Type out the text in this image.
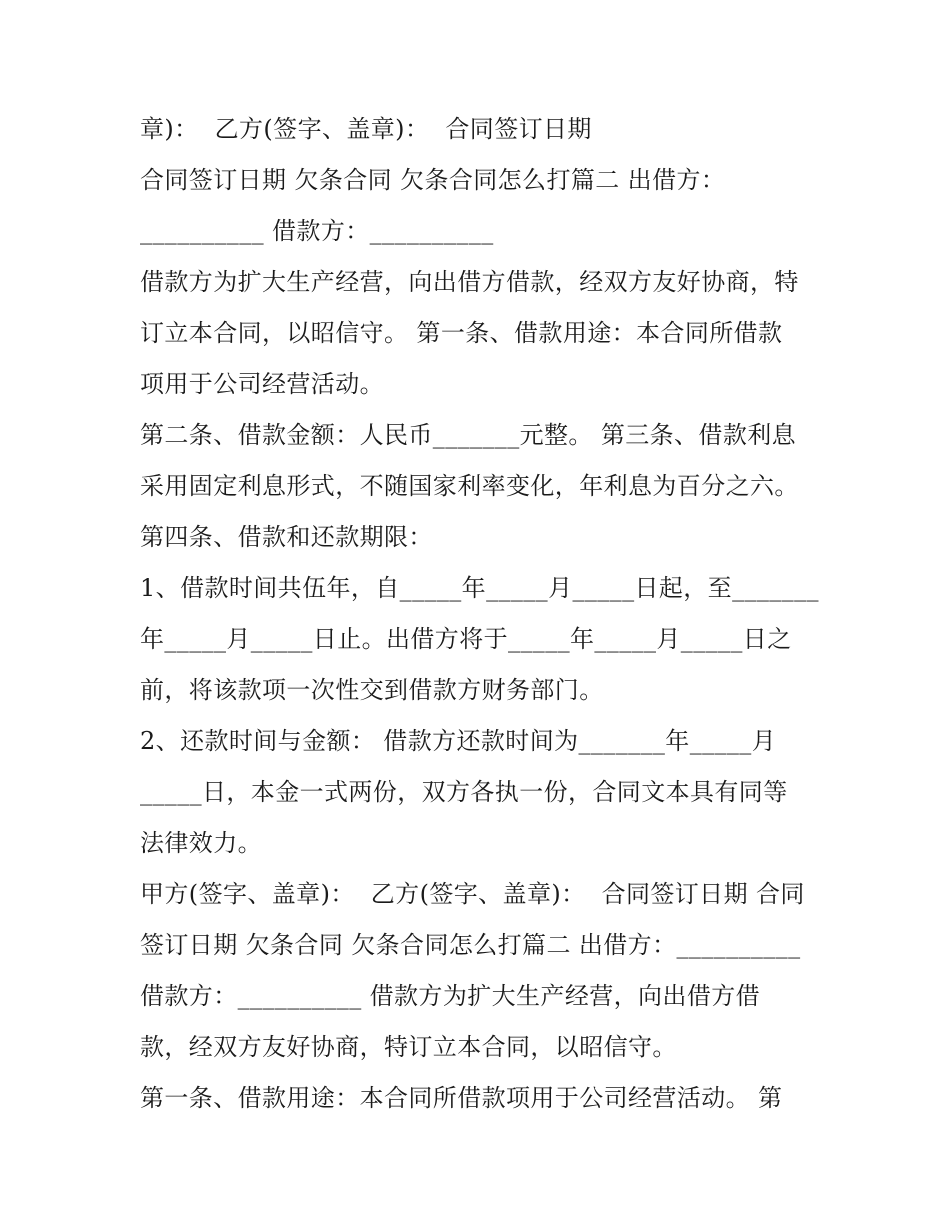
章)：  乙方(签字、盖章)：  合同签订日期
合同签订日期 欠条合同 欠条合同怎么打篇二 出借方：
__________ 借款方：__________
借款方为扩大生产经营，向出借方借款，经双方友好协商，特
订立本合同，以昭信守。 第一条、借款用途：本合同所借款
项用于公司经营活动。
第二条、借款金额：人民币_______元整。 第三条、借款利息
采用固定利息形式，不随国家利率变化，年利息为百分之六。
第四条、借款和还款期限：
1、借款时间共伍年，自_____年_____月_____日起，至_______
年_____月_____日止。出借方将于_____年_____月_____日之
前，将该款项一次性交到借款方财务部门。
2、还款时间与金额： 借款方还款时间为_______年_____月
_____日，本金一式两份，双方各执一份，合同文本具有同等
法律效力。
甲方(签字、盖章)：  乙方(签字、盖章)：  合同签订日期 合同
签订日期 欠条合同 欠条合同怎么打篇二 出借方：__________
借款方：__________ 借款方为扩大生产经营，向出借方借
款，经双方友好协商，特订立本合同，以昭信守。
第一条、借款用途：本合同所借款项用于公司经营活动。 第
